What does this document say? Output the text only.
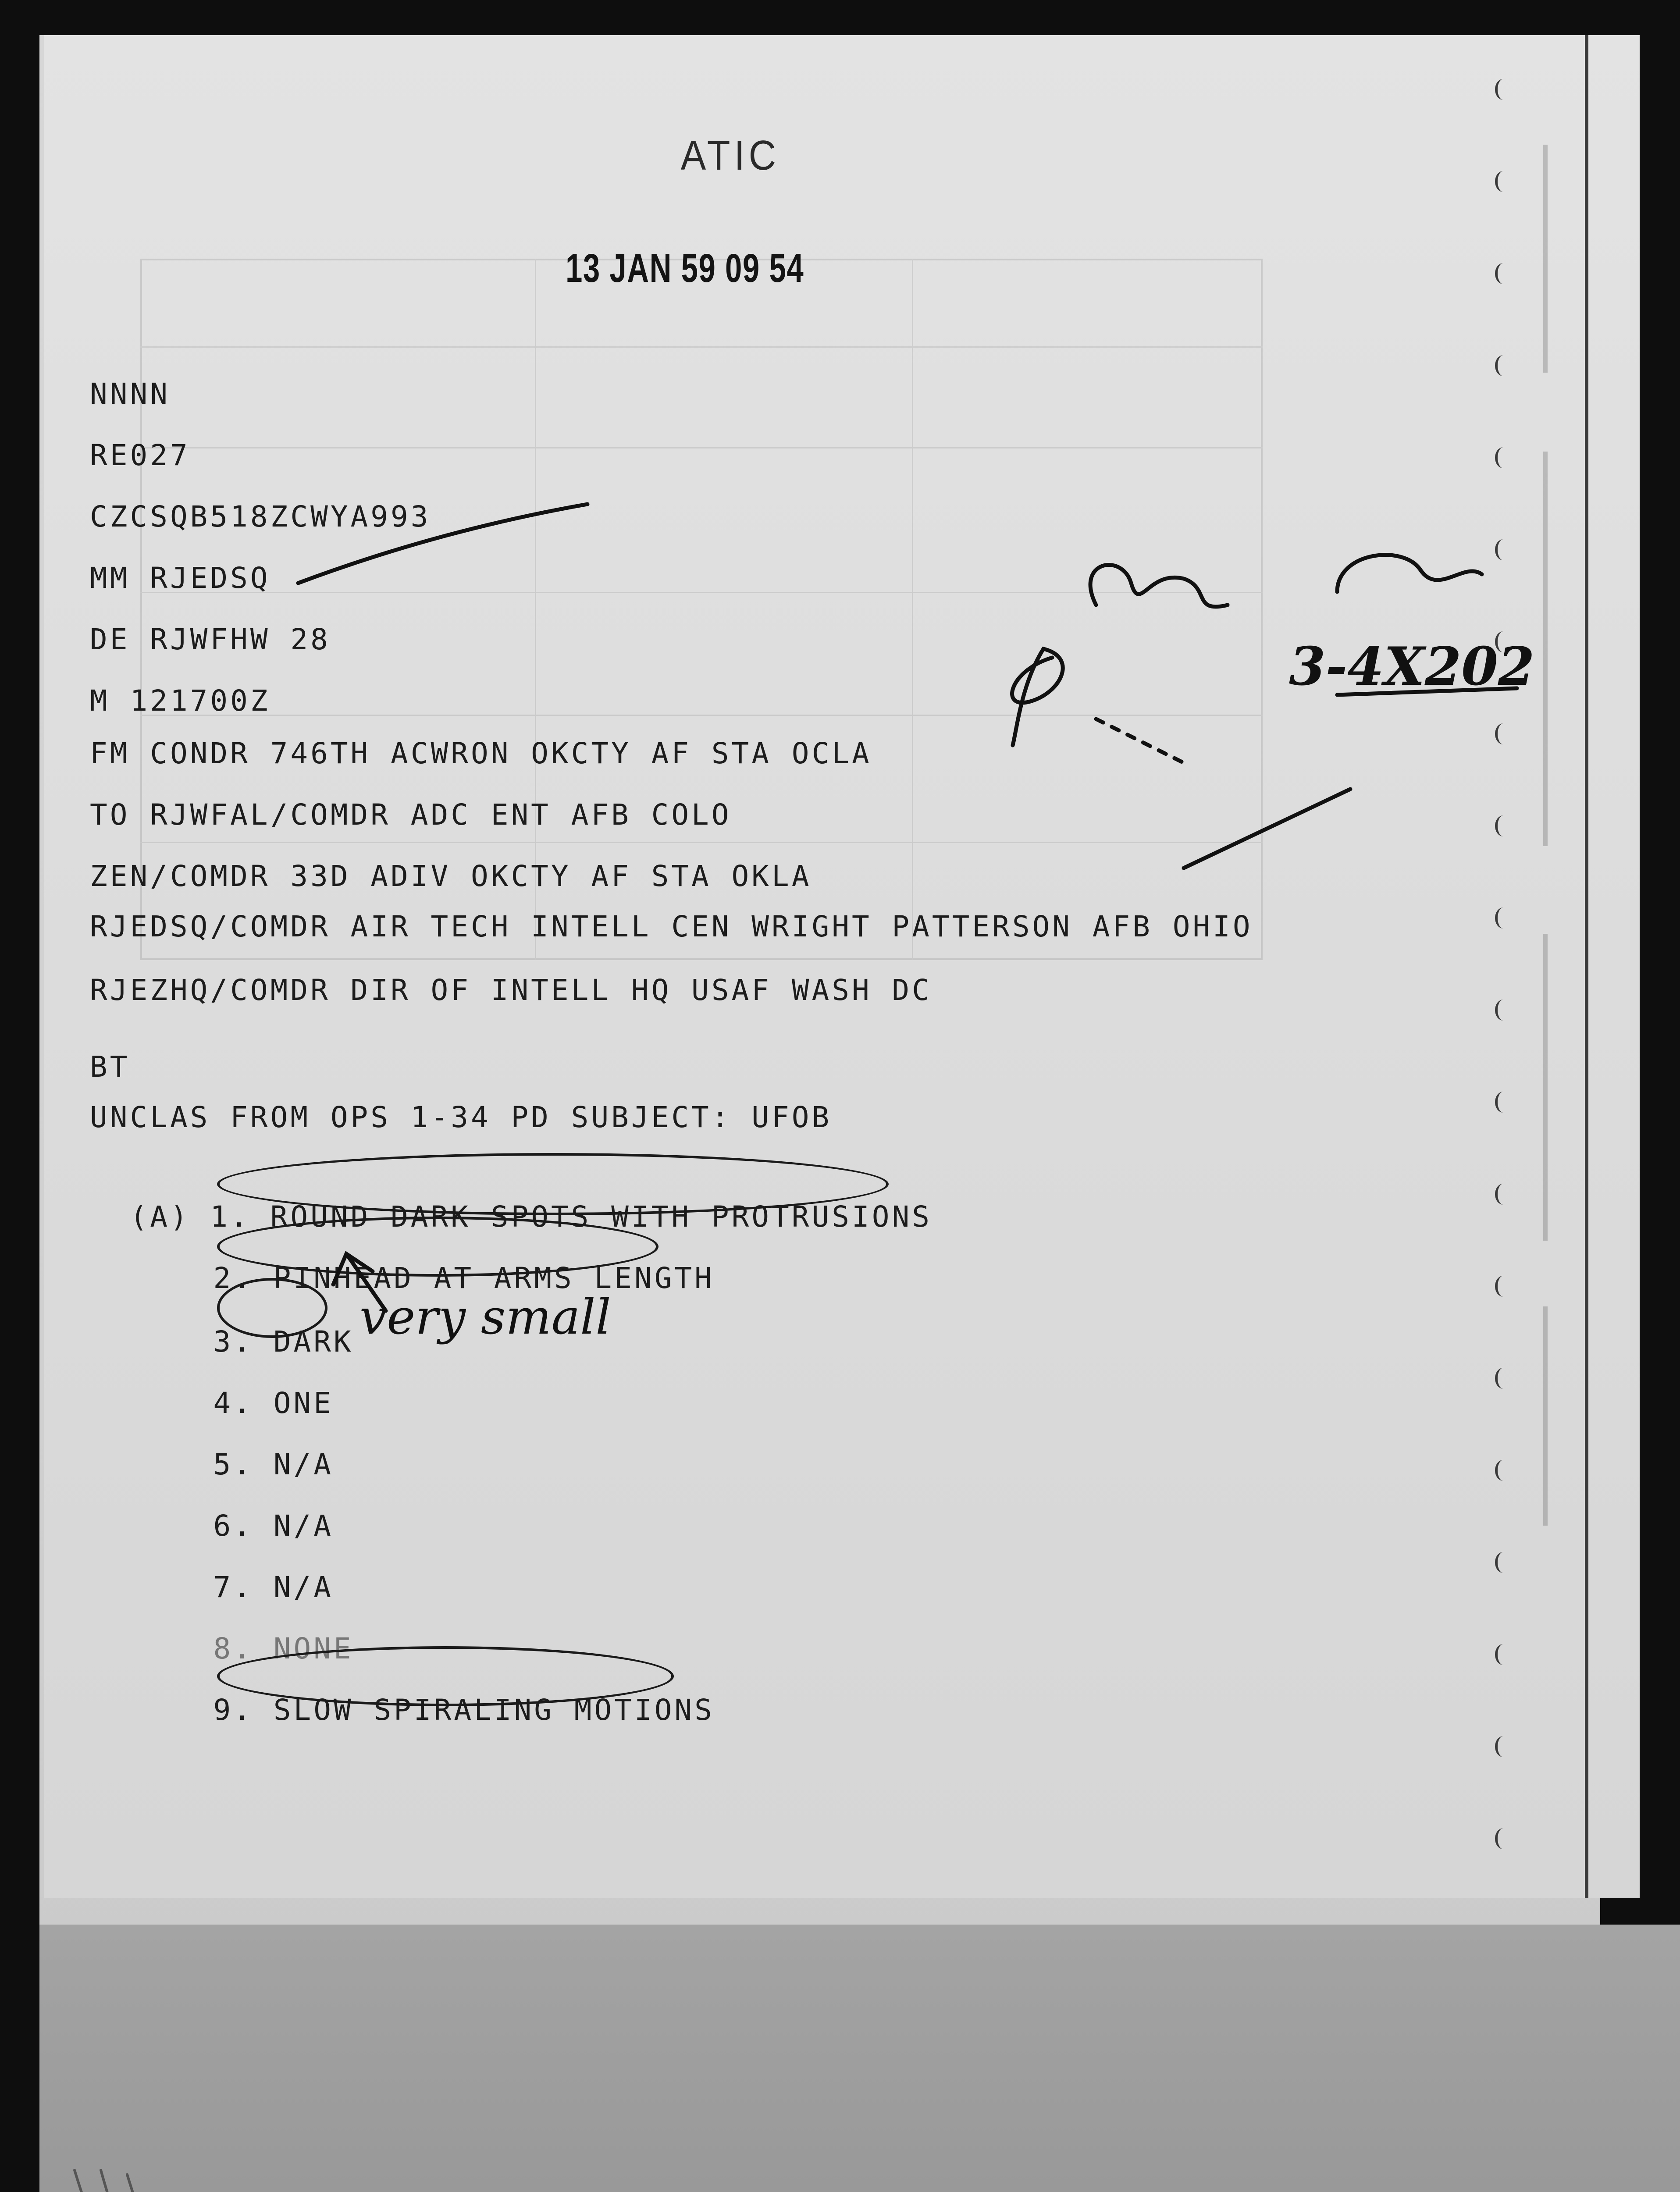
ATIC
13 JAN 59 09 54
NNNN
RE027
CZCSQB518ZCWYA993
MM RJEDSQ
DE RJWFHW 28
M 121700Z
FM CONDR 746TH ACWRON OKCTY AF STA OCLA
TO RJWFAL/COMDR ADC ENT AFB COLO
ZEN/COMDR 33D ADIV OKCTY AF STA OKLA
RJEDSQ/COMDR AIR TECH INTELL CEN WRIGHT PATTERSON AFB OHIO
RJEZHQ/COMDR DIR OF INTELL HQ USAF WASH DC
BT
UNCLAS FROM OPS 1-34 PD SUBJECT: UFOB

(A) 1. ROUND DARK SPOTS WITH PROTRUSIONS

2. PINHEAD AT ARMS LENGTH

3. DARK

4. ONE

5. N/A

6. N/A

7. N/A

8. NONE

9. SLOW SPIRALING MOTIONS

very small
3-4X202
